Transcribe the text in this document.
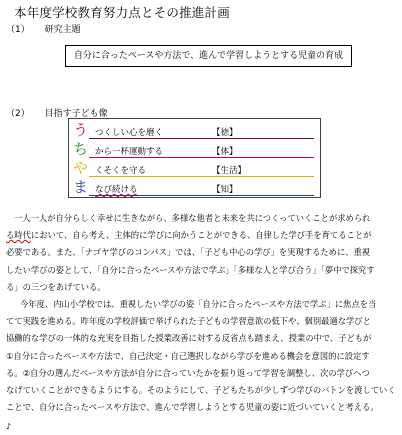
本年度学校教育努力点とその推進計画
（1） 研究主題
自分に合ったペースや方法で、進んで学習しようとする児童の育成
（2） 目指す子ども像
う つくしい心を磨く	【徳】
ち から一杯運動する	【体】
や くそくを守る	【生活】
ま なび続ける	【知】

一人一人が自分らしく幸せに生きながら、多様な他者と未来を共につくっていくことが求められ

る時代において、自ら考え、主体的に学びに向かうことができる、自律した学び手を育てることが

必要である。また、「ナゴヤ学びのコンパス」では、「子ども中心の学び」を実現するために、重視

したい学びの姿として、「自分に合ったペースや方法で学ぶ」「多様な人と学び合う」「夢中で探究す

る」の三つをあげている。

今年度、内山小学校では、重視したい学びの姿「自分に合ったペースや方法で学ぶ」に焦点を当

てて実践を進める。昨年度の学校評価で挙げられた子どもの学習意欲の低下や、個別最適な学びと

協働的な学びの一体的な充実を目指した授業改善に対する反省点も踏まえ、授業の中で、子どもが

①自分に合ったペースや方法で、自己決定・自己選択しながら学びを進める機会を意図的に設定す

る。②自分の選んだペースや方法が自分に合っていたかを振り返って学習を調整し、次の学びへつ

なげていくことができるようにする。そのようにして、子どもたちが少しずつ学びのバトンを渡していく

ことで、自分に合ったペースや方法で、進んで学習しようとする児童の姿に近づいていくと考える。

♪
